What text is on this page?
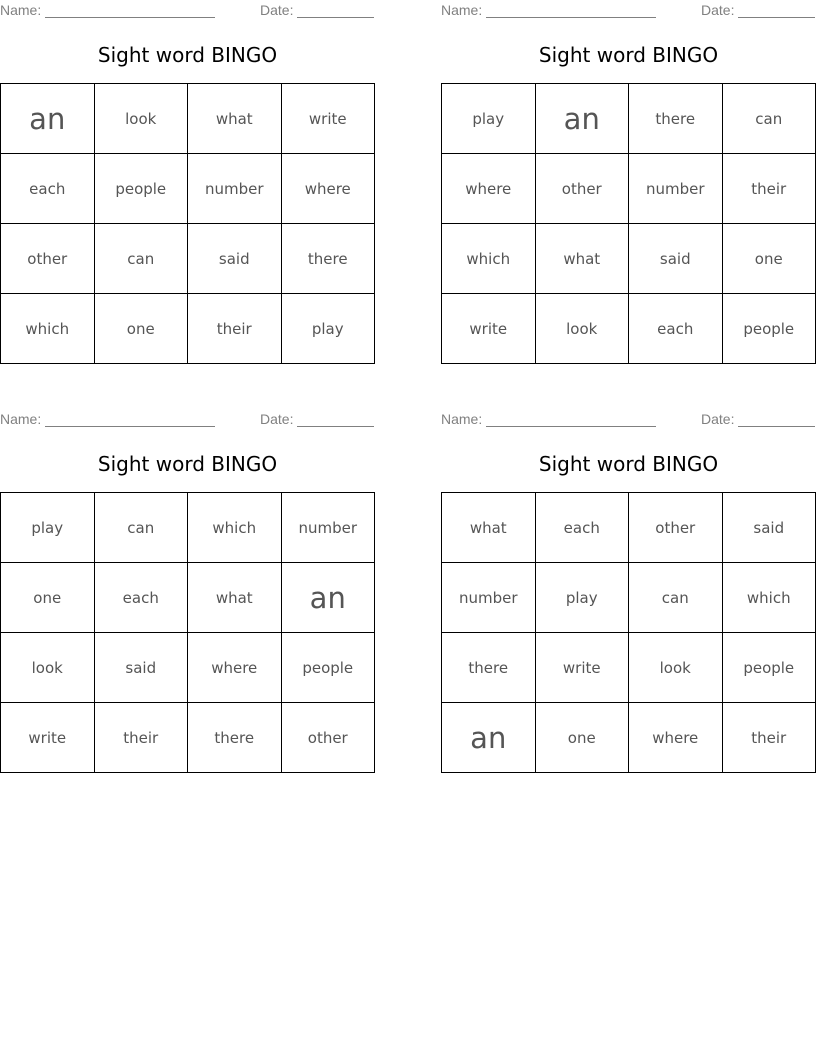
Name:	Date:
Sight word BINGO
an	look	what	write
each	people	number	where
other	can	said	there
which	one	their	play
Name:	Date:
Sight word BINGO
play	an	there	can
where	other	number	their
which	what	said	one
write	look	each	people
Name:	Date:
Sight word BINGO
play	can	which	number
one	each	what	an
look	said	where	people
write	their	there	other
Name:	Date:
Sight word BINGO
what	each	other	said
number	play	can	which
there	write	look	people
an	one	where	their
